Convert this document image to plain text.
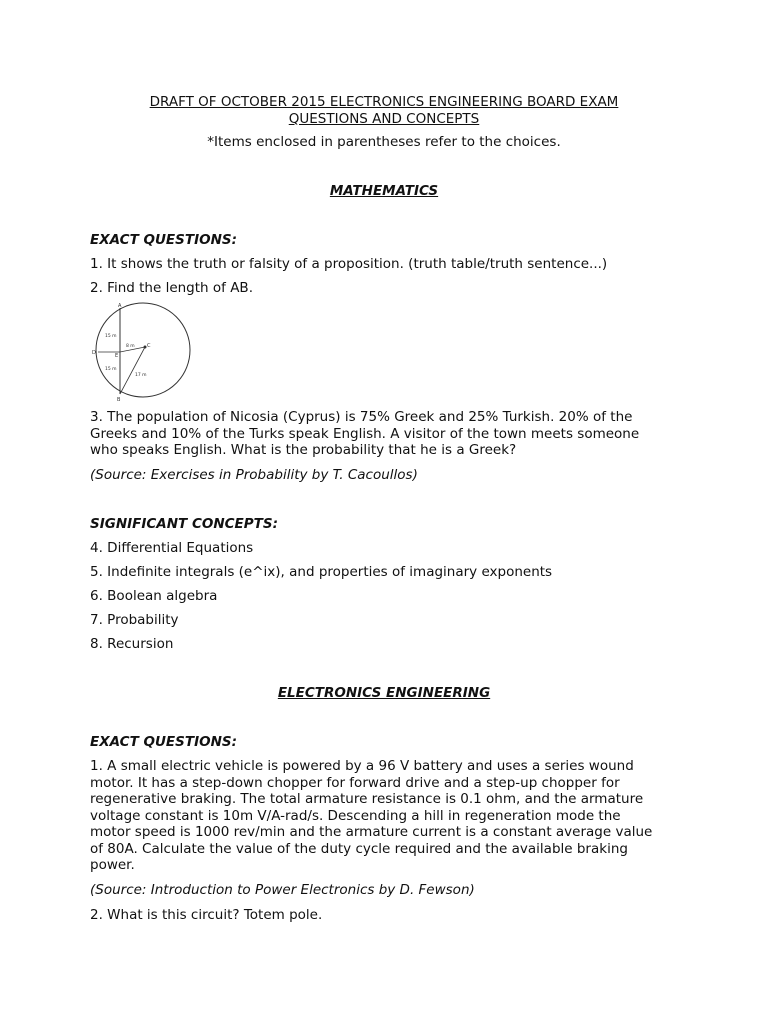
DRAFT OF OCTOBER 2015 ELECTRONICS ENGINEERING BOARD EXAM
QUESTIONS AND CONCEPTS
*Items enclosed in parentheses refer to the choices.
MATHEMATICS
EXACT QUESTIONS:
1. It shows the truth or falsity of a proposition. (truth table/truth sentence...)
2. Find the length of AB.
A
B
C
D	E
15 m
15 m
8 m
17 m
3. The population of Nicosia (Cyprus) is 75% Greek and 25% Turkish. 20% of the
Greeks and 10% of the Turks speak English. A visitor of the town meets someone
who speaks English. What is the probability that he is a Greek?
(Source: Exercises in Probability by T. Cacoullos)
SIGNIFICANT CONCEPTS:
4. Differential Equations
5. Indefinite integrals (e^ix), and properties of imaginary exponents
6. Boolean algebra
7. Probability
8. Recursion
ELECTRONICS ENGINEERING
EXACT QUESTIONS:
1. A small electric vehicle is powered by a 96 V battery and uses a series wound
motor. It has a step-down chopper for forward drive and a step-up chopper for
regenerative braking. The total armature resistance is 0.1 ohm, and the armature
voltage constant is 10m V/A-rad/s. Descending a hill in regeneration mode the
motor speed is 1000 rev/min and the armature current is a constant average value
of 80A. Calculate the value of the duty cycle required and the available braking
power.
(Source: Introduction to Power Electronics by D. Fewson)
2. What is this circuit? Totem pole.
